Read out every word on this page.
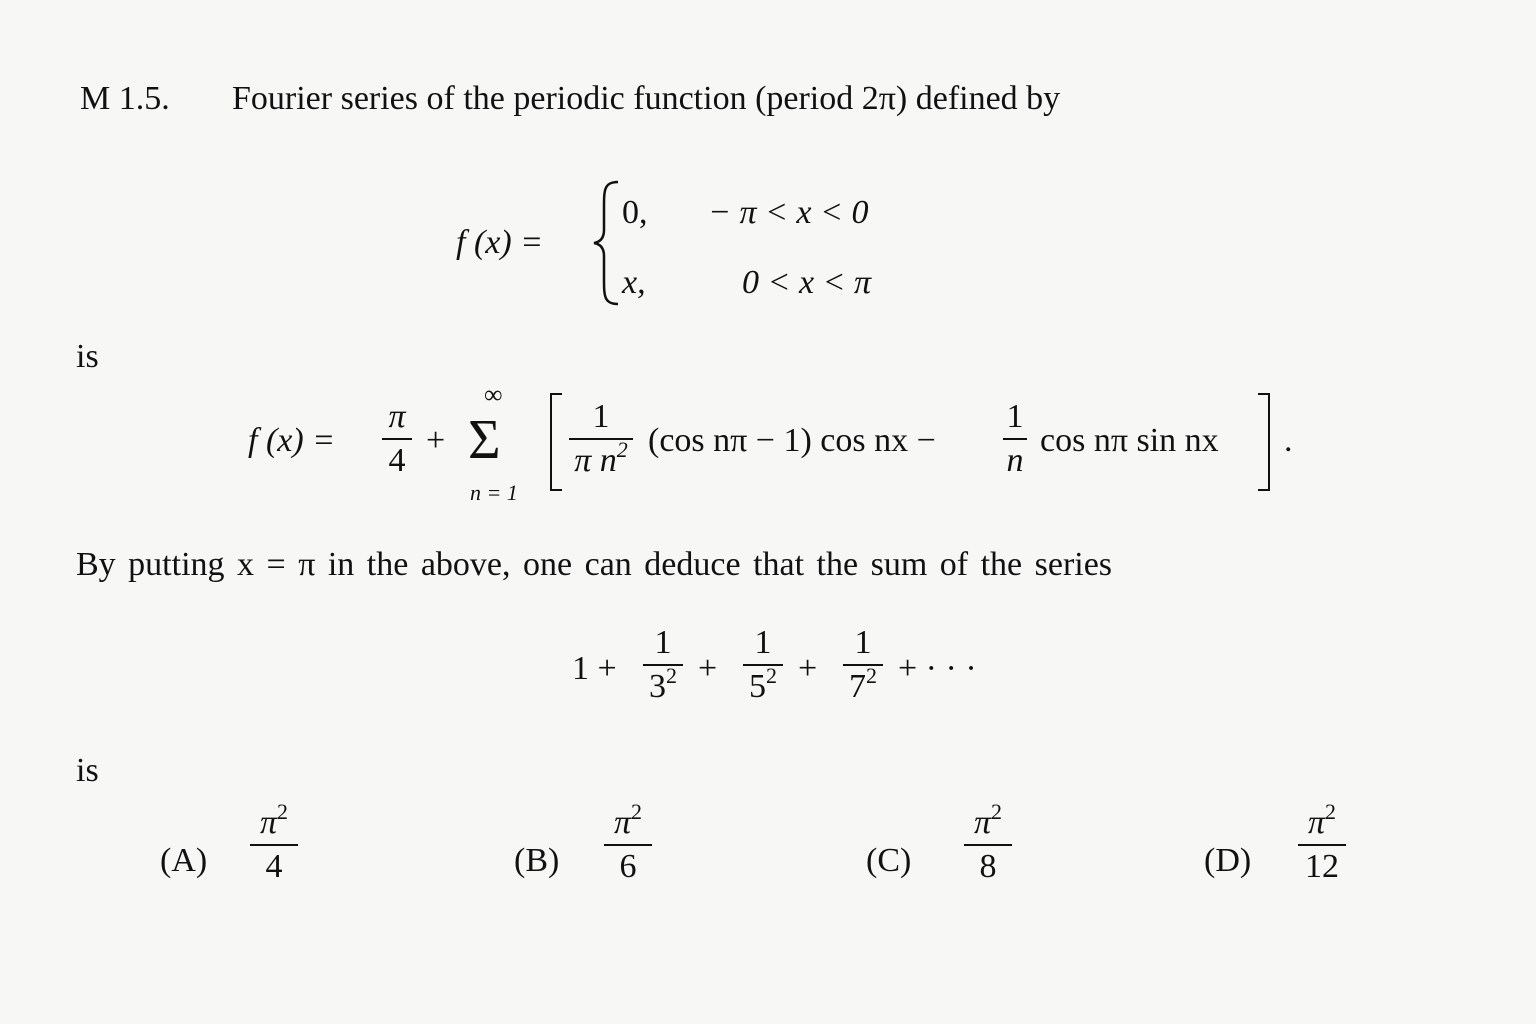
M 1.5. Fourier series of the periodic function (period 2π) defined by
f (x) =
0, − π < x < 0
x,	0 < x < π
is
f (x) =
π
4
+
∞
Σ
n = 1
1
π $n^2$ (cos nπ − 1) cos nx −
1
n
cos nπ sin nx .
By putting x = π in the above, one can deduce that the sum of the series
1 +
1
$3^2$ +
1
$5^2$ +
1
$7^2$ + · · ·
is
(A)
$\pi^2$
4	(B)
$\pi^2$
6	(C)
$\pi^2$
8	(D)
$\pi^2$
12
